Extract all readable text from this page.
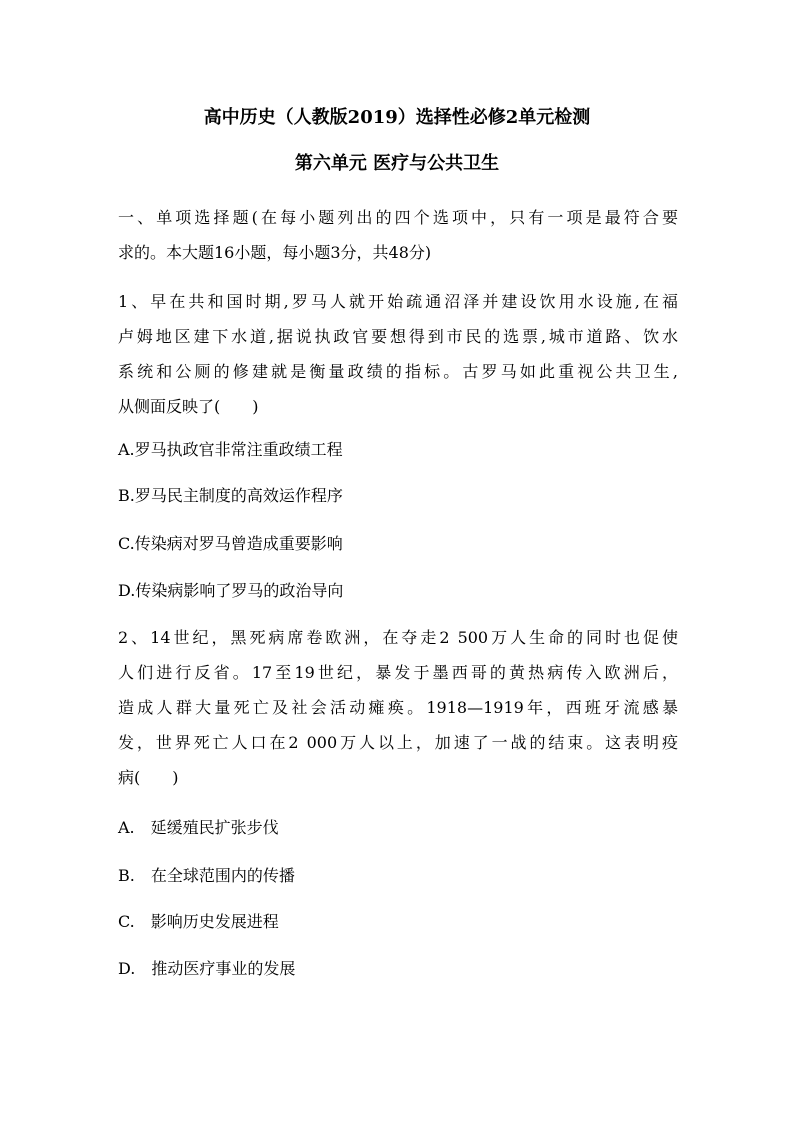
高中历史（人教版2019）选择性必修2单元检测
第六单元 医疗与公共卫生
一、单项选择题(在每小题列出的四个选项中，只有一项是最符合要
求的。本大题16小题，每小题3分，共48分)
1、早在共和国时期,罗马人就开始疏通沼泽并建设饮用水设施,在福
卢姆地区建下水道,据说执政官要想得到市民的选票,城市道路、饮水
系统和公厕的修建就是衡量政绩的指标。古罗马如此重视公共卫生,
从侧面反映了(　　)
A.罗马执政官非常注重政绩工程
B.罗马民主制度的高效运作程序
C.传染病对罗马曾造成重要影响
D.传染病影响了罗马的政治导向
2、14世纪，黑死病席卷欧洲，在夺走2 500万人生命的同时也促使
人们进行反省。17至19世纪，暴发于墨西哥的黄热病传入欧洲后，
造成人群大量死亡及社会活动瘫痪。1918—1919年，西班牙流感暴
发，世界死亡人口在2 000万人以上，加速了一战的结束。这表明疫
病(　　)
A.　延缓殖民扩张步伐
B.　在全球范围内的传播
C.　影响历史发展进程
D.　推动医疗事业的发展
